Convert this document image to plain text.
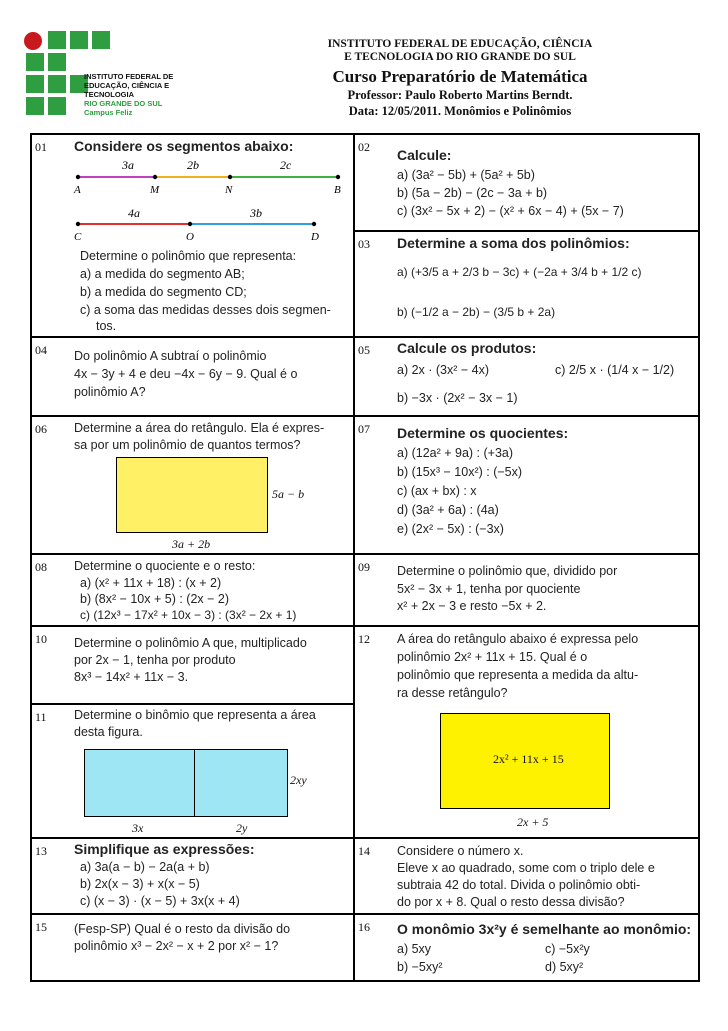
INSTITUTO FEDERAL DE
EDUCAÇÃO, CIÊNCIA E TECNOLOGIA
RIO GRANDE DO SUL
Campus Feliz
INSTITUTO FEDERAL DE EDUCAÇÃO, CIÊNCIA
E TECNOLOGIA DO RIO GRANDE DO SUL
Curso Preparatório de Matemática
Professor: Paulo Roberto Martins Berndt.
Data: 12/05/2011. Monômios e Polinômios
01 Considere os segmentos abaixo:
3a	2b	2c
A	M	N	B
4a	3b
C	O	D
Determine o polinômio que representa:
a) a medida do segmento AB;
b) a medida do segmento CD;
c) a soma das medidas desses dois segmen-
tos.
02 Calcule:
a) (3a² − 5b) + (5a² + 5b)
b) (5a − 2b) − (2c − 3a + b)
c) (3x² − 5x + 2) − (x² + 6x − 4) + (5x − 7)
03 Determine a soma dos polinômios:
a) (+3/5 a + 2/3 b − 3c) + (−2a + 3/4 b + 1/2 c)
b) (−1/2 a − 2b) − (3/5 b + 2a)
04 Do polinômio A subtraí o polinômio
4x − 3y + 4 e deu −4x − 6y − 9. Qual é o
polinômio A?
05 Calcule os produtos:
a) 2x · (3x² − 4x)	c) 2/5 x · (1/4 x − 1/2)
b) −3x · (2x² − 3x − 1)
06 Determine a área do retângulo. Ela é expres-
sa por um polinômio de quantos termos?
5a − b
3a + 2b
07 Determine os quocientes:
a) (12a² + 9a) : (+3a)
b) (15x³ − 10x²) : (−5x)
c) (ax + bx) : x
d) (3a² + 6a) : (4a)
e) (2x² − 5x) : (−3x)
08 Determine o quociente e o resto:
a) (x² + 11x + 18) : (x + 2)
b) (8x² − 10x + 5) : (2x − 2)
c) (12x³ − 17x² + 10x − 3) : (3x² − 2x + 1)
09 Determine o polinômio que, dividido por
5x² − 3x + 1, tenha por quociente
x² + 2x − 3 e resto −5x + 2.
10 Determine o polinômio A que, multiplicado
por 2x − 1, tenha por produto
8x³ − 14x² + 11x − 3.
12 A área do retângulo abaixo é expressa pelo
polinômio 2x² + 11x + 15. Qual é o
polinômio que representa a medida da altu-
ra desse retângulo?
2x² + 11x + 15
2x + 5
11 Determine o binômio que representa a área
desta figura.
2xy
3x	2y
13 Simplifique as expressões:
a) 3a(a − b) − 2a(a + b)
b) 2x(x − 3) + x(x − 5)
c) (x − 3) · (x − 5) + 3x(x + 4)
14 Considere o número x.
Eleve x ao quadrado, some com o triplo dele e
subtraia 42 do total. Divida o polinômio obti-
do por x + 8. Qual o resto dessa divisão?
15 (Fesp-SP) Qual é o resto da divisão do
polinômio x³ − 2x² − x + 2 por x² − 1?
16 O monômio 3x²y é semelhante ao monômio:
a) 5xy	c) −5x²y
b) −5xy²	d) 5xy²
